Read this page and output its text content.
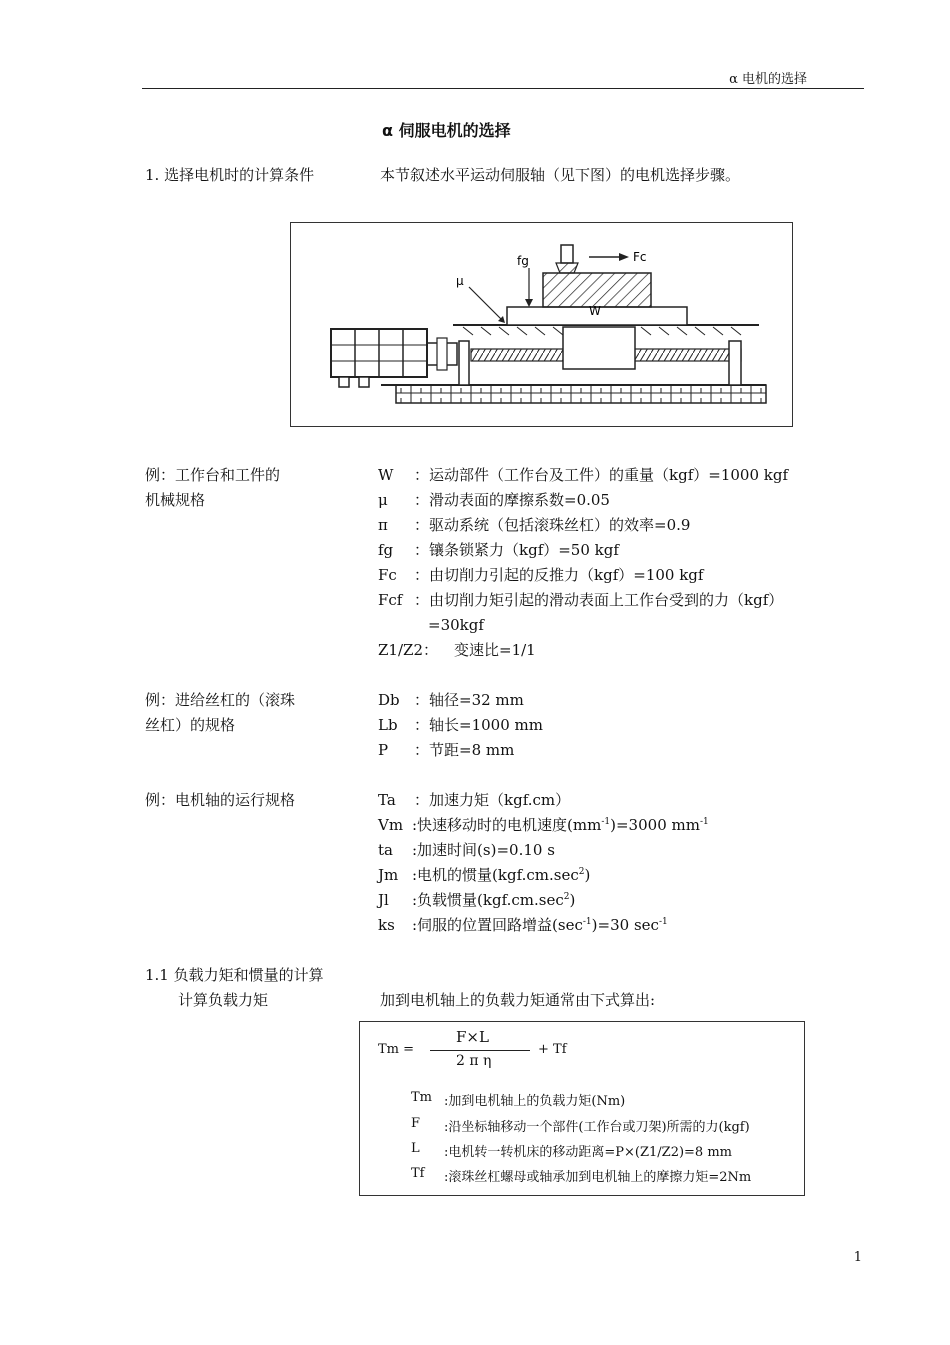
α 电机的选择
α 伺服电机的选择
1. 选择电机时的计算条件	本节叙述水平运动伺服轴（见下图）的电机选择步骤。
fg	Fc
μ
W
例：工作台和工件的
机械规格
W ：运动部件（工作台及工件）的重量（kgf）=1000 kgf
μ ：滑动表面的摩擦系数=0.05
π ：驱动系统（包括滚珠丝杠）的效率=0.9
fg ：镶条锁紧力（kgf）=50 kgf
Fc ：由切削力引起的反推力（kgf）=100 kgf
Fcf ：由切削力矩引起的滑动表面上工作台受到的力（kgf）
=30kgf
Z1/Z2： 变速比=1/1
例：进给丝杠的（滚珠
丝杠）的规格
Db ：轴径=32 mm
Lb ：轴长=1000 mm
P ：节距=8 mm
例：电机轴的运行规格	Ta ：加速力矩（kgf.cm）
Vm :快速移动时的电机速度$(mm^{-1})=3000$ $mm^{-1}$
ta :加速时间(s)=0.10 s
Jm :电机的惯量$(kgf.cm.\sec^2)$
Jl :负载惯量$(kgf.cm.\sec^2)$
ks :伺服的位置回路增益$(\sec^{-1})=30$ $\sec^{-1}$
1.1 负载力矩和惯量的计算
计算负载力矩	加到电机轴上的负载力矩通常由下式算出:
Tm =
F×L
2 π η
+ Tf
Tm :加到电机轴上的负载力矩(Nm)
F :沿坐标轴移动一个部件(工作台或刀架)所需的力(kgf)
L :电机转一转机床的移动距离=P×(Z1/Z2)=8 mm
Tf :滚珠丝杠螺母或轴承加到电机轴上的摩擦力矩=2Nm
1
